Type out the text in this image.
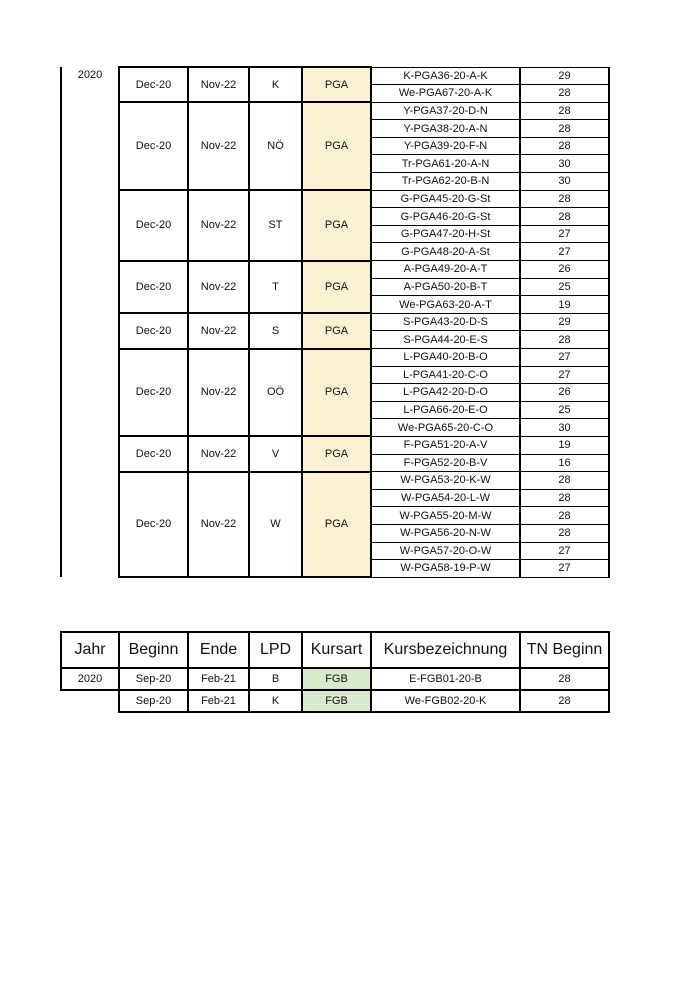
2020	Dec-20	Nov-22	K	PGA	K-PGA36-20-A-K	29
					We-PGA67-20-A-K	28
	Dec-20	Nov-22	NÖ	PGA	Y-PGA37-20-D-N	28
					Y-PGA38-20-A-N	28
					Y-PGA39-20-F-N	28
					Tr-PGA61-20-A-N	30
					Tr-PGA62-20-B-N	30
	Dec-20	Nov-22	ST	PGA	G-PGA45-20-G-St	28
					G-PGA46-20-G-St	28
					G-PGA47-20-H-St	27
					G-PGA48-20-A-St	27
	Dec-20	Nov-22	T	PGA	A-PGA49-20-A-T	26
					A-PGA50-20-B-T	25
					We-PGA63-20-A-T	19
	Dec-20	Nov-22	S	PGA	S-PGA43-20-D-S	29
					S-PGA44-20-E-S	28
	Dec-20	Nov-22	OÖ	PGA	L-PGA40-20-B-O	27
					L-PGA41-20-C-O	27
					L-PGA42-20-D-O	26
					L-PGA66-20-E-O	25
					We-PGA65-20-C-O	30
	Dec-20	Nov-22	V	PGA	F-PGA51-20-A-V	19
					F-PGA52-20-B-V	16
	Dec-20	Nov-22	W	PGA	W-PGA53-20-K-W	28
					W-PGA54-20-L-W	28
					W-PGA55-20-M-W	28
					W-PGA56-20-N-W	28
					W-PGA57-20-O-W	27
					W-PGA58-19-P-W	27
Jahr	Beginn	Ende	LPD	Kursart	Kursbezeichnung	TN Beginn
2020	Sep-20	Feb-21	B	FGB	E-FGB01-20-B	28
	Sep-20	Feb-21	K	FGB	We-FGB02-20-K	28
